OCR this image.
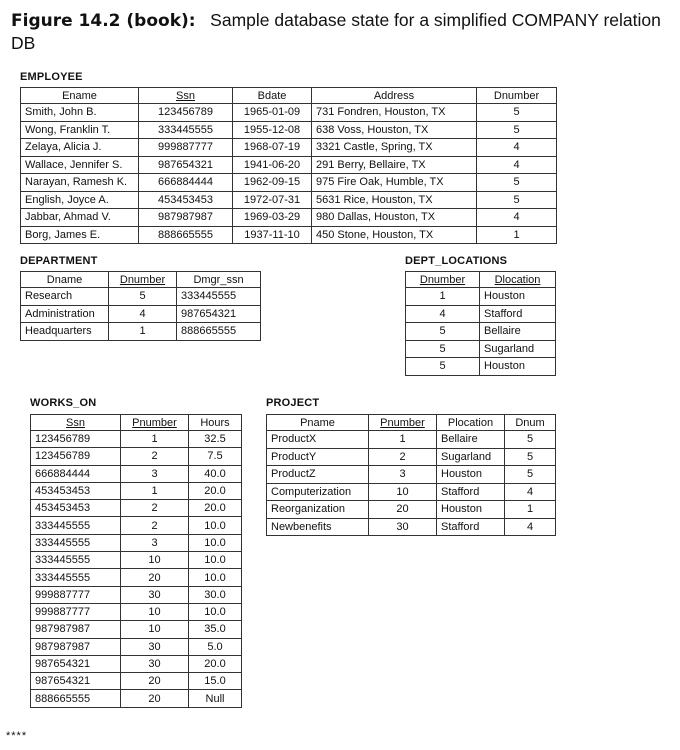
Figure 14.2 (book): Sample database state for a simplified COMPANY relation DB
EMPLOYEE
Ename	Ssn	Bdate	Address	Dnumber
Smith, John B.	123456789	1965-01-09	731 Fondren, Houston, TX	5
Wong, Franklin T.	333445555	1955-12-08	638 Voss, Houston, TX	5
Zelaya, Alicia J.	999887777	1968-07-19	3321 Castle, Spring, TX	4
Wallace, Jennifer S.	987654321	1941-06-20	291 Berry, Bellaire, TX	4
Narayan, Ramesh K.	666884444	1962-09-15	975 Fire Oak, Humble, TX	5
English, Joyce A.	453453453	1972-07-31	5631 Rice, Houston, TX	5
Jabbar, Ahmad V.	987987987	1969-03-29	980 Dallas, Houston, TX	4
Borg, James E.	888665555	1937-11-10	450 Stone, Houston, TX	1
DEPARTMENT
Dname	Dnumber	Dmgr_ssn
Research	5	333445555
Administration	4	987654321
Headquarters	1	888665555
DEPT_LOCATIONS
Dnumber	Dlocation
1	Houston
4	Stafford
5	Bellaire
5	Sugarland
5	Houston
WORKS_ON
Ssn	Pnumber	Hours
123456789	1	32.5
123456789	2	7.5
666884444	3	40.0
453453453	1	20.0
453453453	2	20.0
333445555	2	10.0
333445555	3	10.0
333445555	10	10.0
333445555	20	10.0
999887777	30	30.0
999887777	10	10.0
987987987	10	35.0
987987987	30	5.0
987654321	30	20.0
987654321	20	15.0
888665555	20	Null
PROJECT
Pname	Pnumber	Plocation	Dnum
ProductX	1	Bellaire	5
ProductY	2	Sugarland	5
ProductZ	3	Houston	5
Computerization	10	Stafford	4
Reorganization	20	Houston	1
Newbenefits	30	Stafford	4
****
